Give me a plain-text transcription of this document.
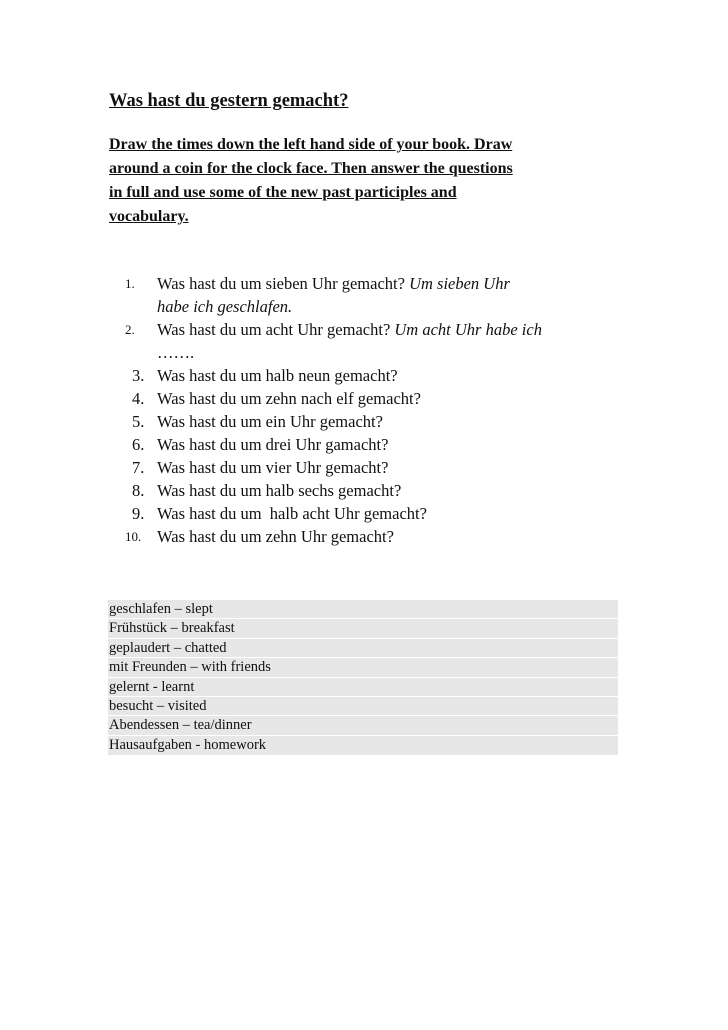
Was hast du gestern gemacht?
Draw the times down the left hand side of your book. Draw
around a coin for the clock face. Then answer the questions
in full and use some of the new past participles and
vocabulary.
1.	Was hast du um sieben Uhr gemacht? Um sieben Uhr
habe ich geschlafen.
2.	Was hast du um acht Uhr gemacht? Um acht Uhr habe ich
…….
3. Was hast du um halb neun gemacht?
4. Was hast du um zehn nach elf gemacht?
5. Was hast du um ein Uhr gemacht?
6. Was hast du um drei Uhr gamacht?
7. Was hast du um vier Uhr gemacht?
8. Was hast du um halb sechs gemacht?
9. Was hast du um  halb acht Uhr gemacht?
10. Was hast du um zehn Uhr gemacht?
geschlafen – slept
Frühstück – breakfast
geplaudert – chatted
mit Freunden – with friends
gelernt - learnt
besucht – visited
Abendessen – tea/dinner
Hausaufgaben - homework
